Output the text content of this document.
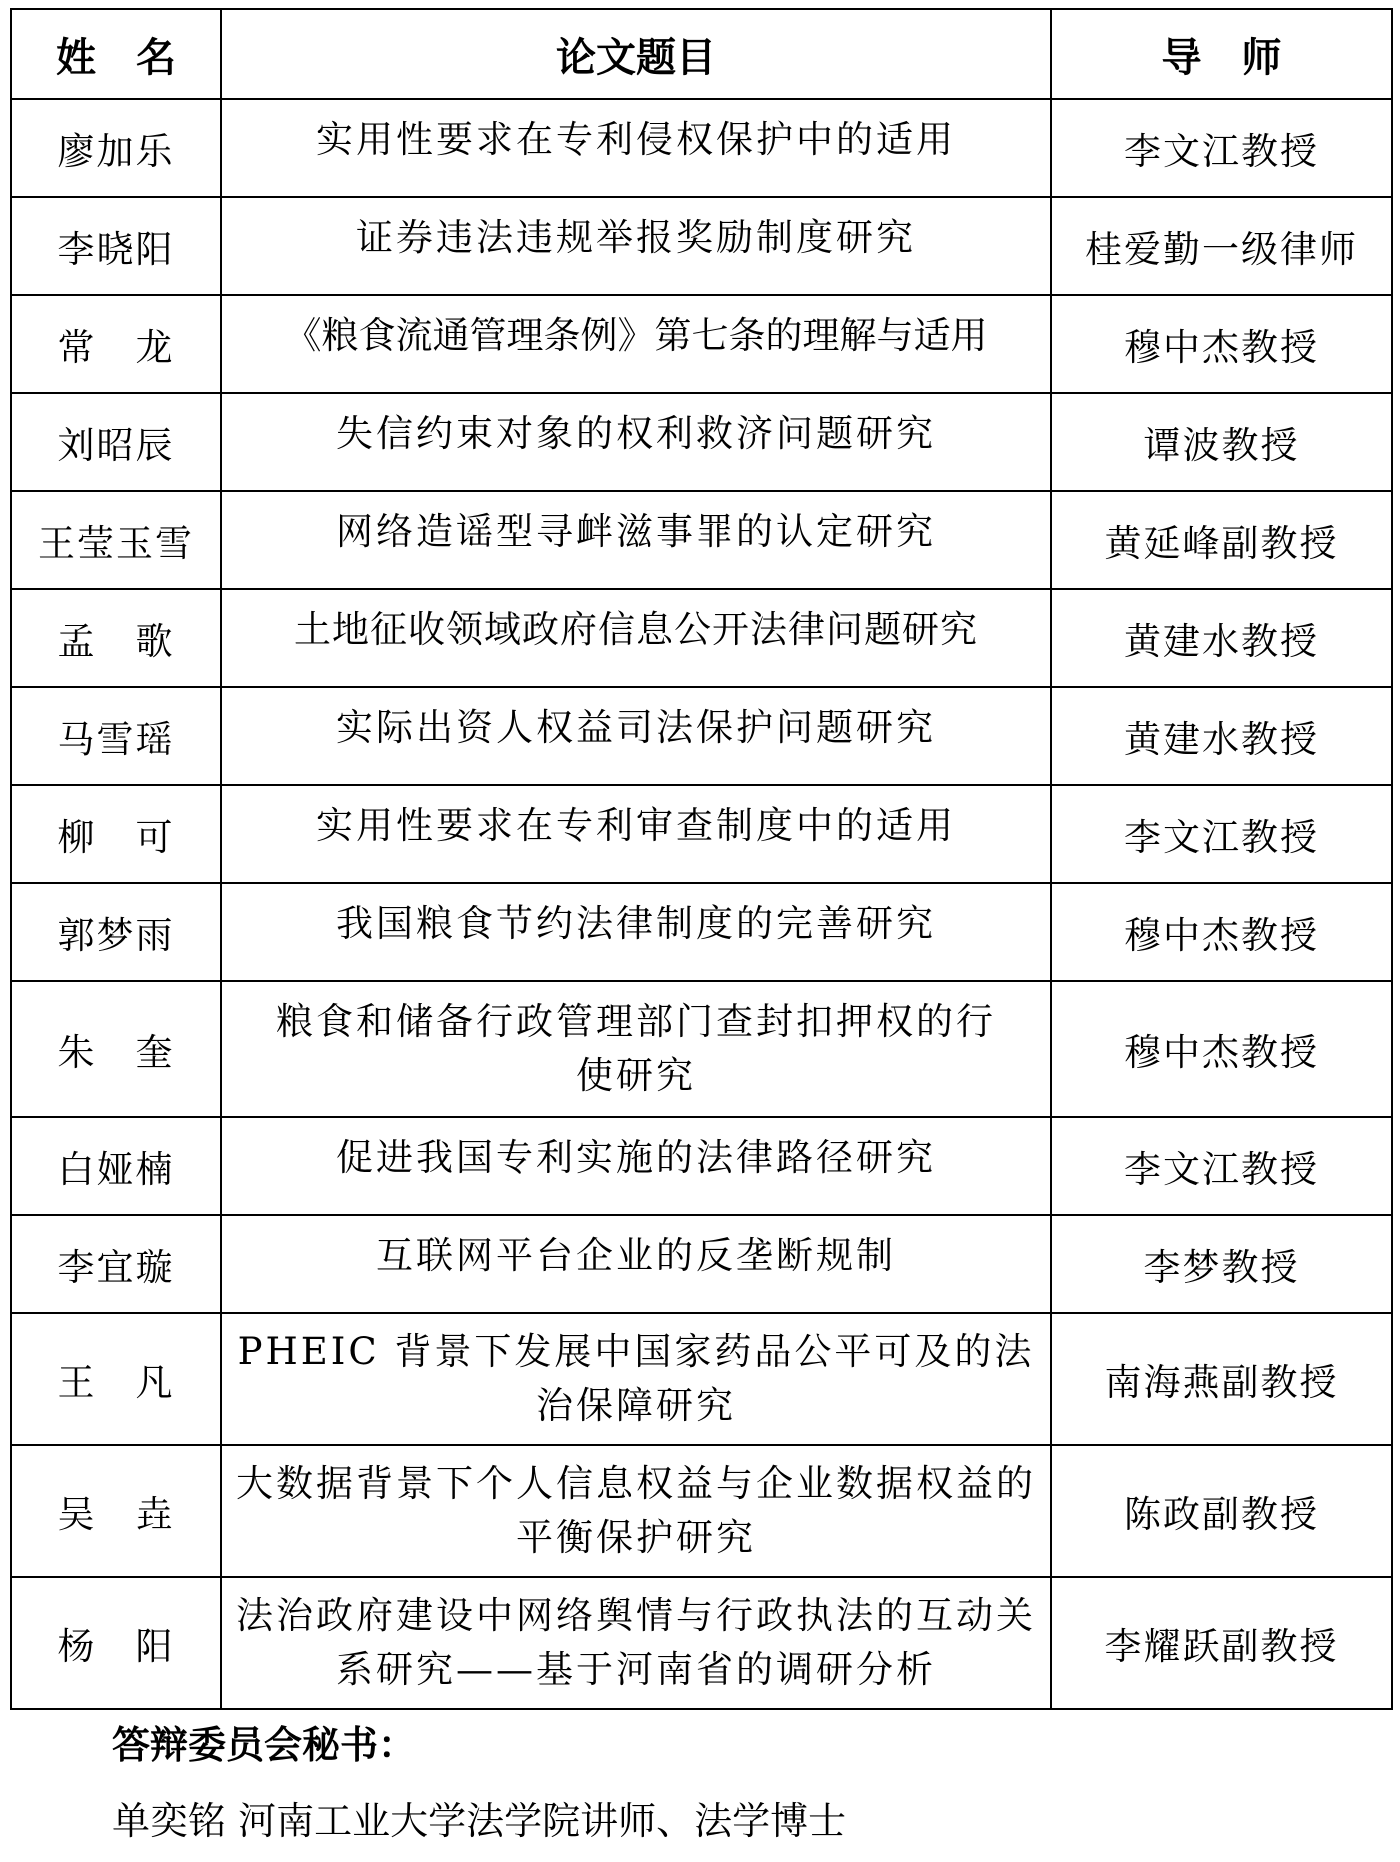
姓　名	论文题目	导　师
廖加乐	实用性要求在专利侵权保护中的适用	李文江教授
李晓阳	证券违法违规举报奖励制度研究	桂爱勤一级律师
常　龙	《粮食流通管理条例》第七条的理解与适用	穆中杰教授
刘昭辰	失信约束对象的权利救济问题研究	谭波教授
王莹玉雪	网络造谣型寻衅滋事罪的认定研究	黄延峰副教授
孟　歌	土地征收领域政府信息公开法律问题研究	黄建水教授
马雪瑶	实际出资人权益司法保护问题研究	黄建水教授
柳　可	实用性要求在专利审查制度中的适用	李文江教授
郭梦雨	我国粮食节约法律制度的完善研究	穆中杰教授
朱　奎	粮食和储备行政管理部门查封扣押权的行使研究	穆中杰教授
白娅楠	促进我国专利实施的法律路径研究	李文江教授
李宜璇	互联网平台企业的反垄断规制	李梦教授
王　凡	PHEIC 背景下发展中国家药品公平可及的法治保障研究	南海燕副教授
吴　垚	大数据背景下个人信息权益与企业数据权益的平衡保护研究	陈政副教授
杨　阳	法治政府建设中网络舆情与行政执法的互动关系研究——基于河南省的调研分析	李耀跃副教授
答辩委员会秘书：
单奕铭 河南工业大学法学院讲师、法学博士
